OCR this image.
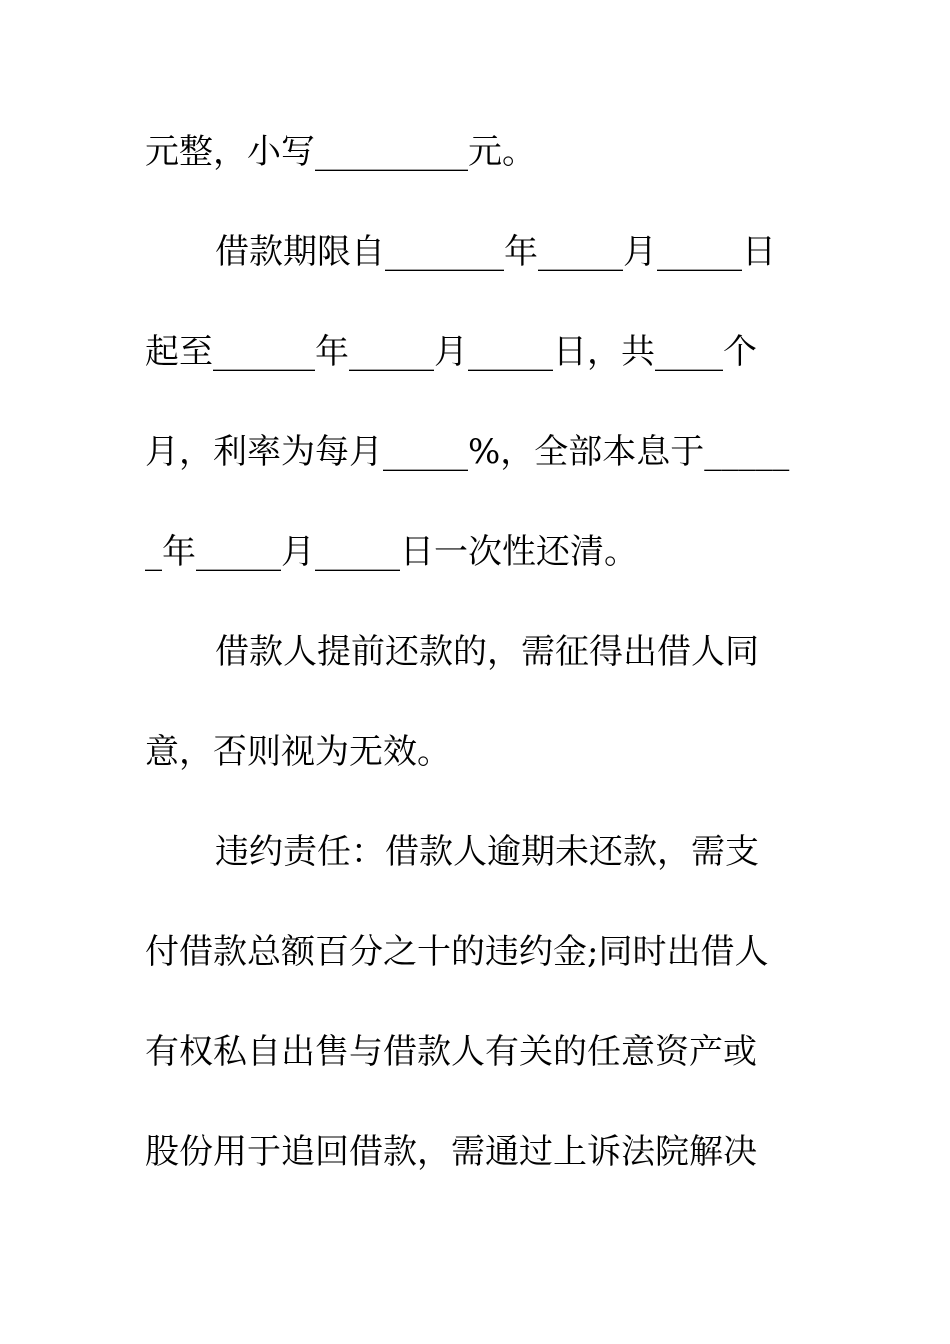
元整，小写_________元。
借款期限自_______年_____月_____日
起至______年_____月_____日，共____个
月，利率为每月_____%，全部本息于_____
_年_____月_____日一次性还清。
借款人提前还款的，需征得出借人同
意，否则视为无效。
违约责任：借款人逾期未还款，需支
付借款总额百分之十的违约金;同时出借人
有权私自出售与借款人有关的任意资产或
股份用于追回借款，需通过上诉法院解决
